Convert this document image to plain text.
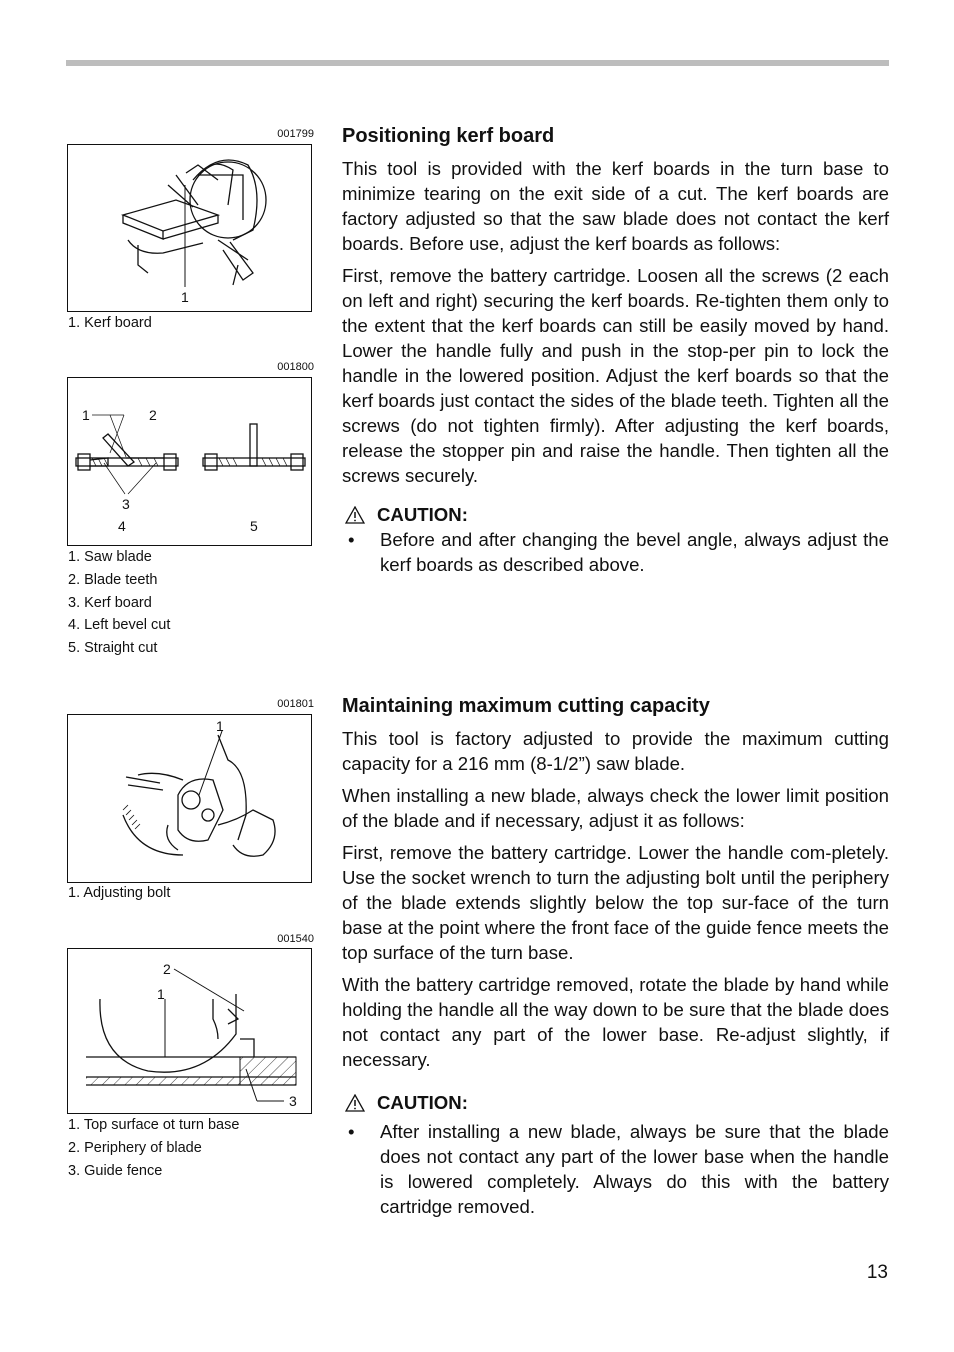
001799
1
1. Kerf board
001800
1	2
3
4	5
1. Saw blade
2. Blade teeth
3. Kerf board
4. Left bevel cut
5. Straight cut
001801
1
1. Adjusting bolt
001540
2
1
3
1. Top surface ot turn base
2. Periphery of blade
3. Guide fence
Positioning kerf board

This tool is provided with the kerf boards in the turn base to minimize tearing on the exit side of a cut. The kerf boards are factory adjusted so that the saw blade does not contact the kerf boards. Before use, adjust the kerf boards as follows:

First, remove the battery cartridge. Loosen all the screws (2 each on left and right) securing the kerf boards. Re-tighten them only to the extent that the kerf boards can still be easily moved by hand. Lower the handle fully and push in the stop-per pin to lock the handle in the lowered position. Adjust the kerf boards so that the kerf boards just contact the sides of the blade teeth. Tighten all the screws (do not tighten firmly). After adjusting the kerf boards, release the stopper pin and raise the handle. Then tighten all the screws securely.

CAUTION:
•	Before and after changing the bevel angle, always adjust the kerf boards as described above.
Maintaining maximum cutting capacity

This tool is factory adjusted to provide the maximum cutting capacity for a 216 mm (8-1/2”) saw blade.

When installing a new blade, always check the lower limit position of the blade and if necessary, adjust it as follows:

First, remove the battery cartridge. Lower the handle com-pletely. Use the socket wrench to turn the adjusting bolt until the periphery of the blade extends slightly below the top sur-face of the turn base at the point where the front face of the guide fence meets the top surface of the turn base.

With the battery cartridge removed, rotate the blade by hand while holding the handle all the way down to be sure that the blade does not contact any part of the lower base. Re-adjust slightly, if necessary.

CAUTION:
•	After installing a new blade, always be sure that the blade does not contact any part of the lower base when the handle is lowered completely. Always do this with the battery cartridge removed.
13
